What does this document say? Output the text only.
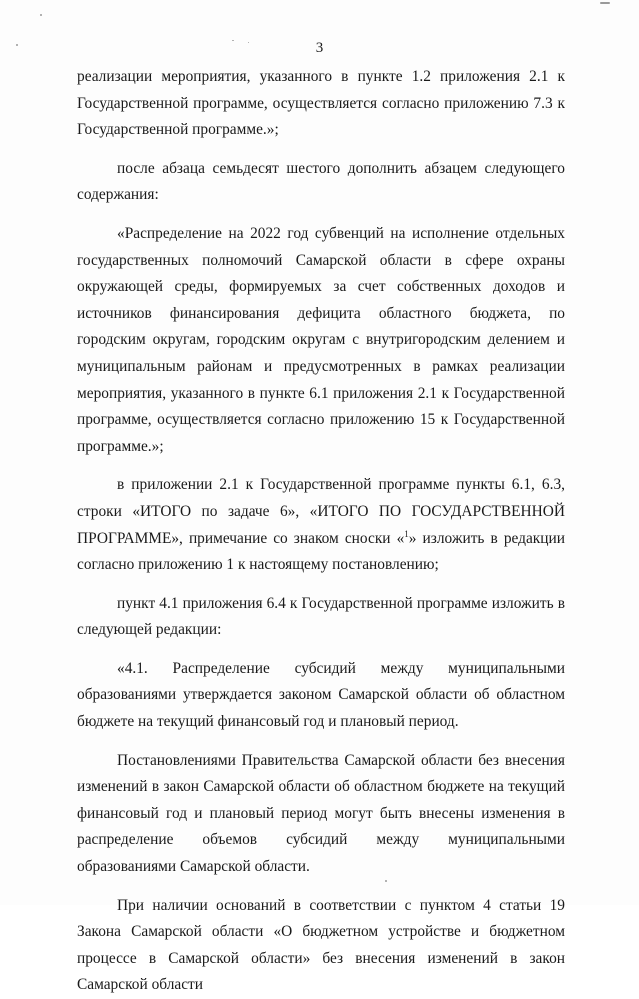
3

реализации мероприятия, указанного в пункте 1.2 приложения 2.1 к Государственной программе, осуществляется согласно приложению 7.3 к Государственной программе.»;

после абзаца семьдесят шестого дополнить абзацем следующего содержания:

«Распределение на 2022 год субвенций на исполнение отдельных государственных полномочий Самарской области в сфере охраны окружающей среды, формируемых за счет собственных доходов и источников финансирования дефицита областного бюджета, по городским округам, городским округам с внутригородским делением и муниципальным районам и предусмотренных в рамках реализации мероприятия, указанного в пункте 6.1 приложения 2.1 к Государственной программе, осуществляется согласно приложению 15 к Государственной программе.»;

в приложении 2.1 к Государственной программе пункты 6.1, 6.3, строки «ИТОГО по задаче 6», «ИТОГО ПО ГОСУДАРСТВЕННОЙ ПРОГРАММЕ», примечание со знаком сноски «$^1$» изложить в редакции согласно приложению 1 к настоящему постановлению;

пункт 4.1 приложения 6.4 к Государственной программе изложить в следующей редакции:

«4.1. Распределение субсидий между муниципальными образованиями утверждается законом Самарской области об областном бюджете на текущий финансовый год и плановый период.

Постановлениями Правительства Самарской области без внесения изменений в закон Самарской области об областном бюджете на текущий финансовый год и плановый период могут быть внесены изменения в распределение объемов субсидий между муниципальными образованиями Самарской области.

При наличии оснований в соответствии с пунктом 4 статьи 19 Закона Самарской области «О бюджетном устройстве и бюджетном процессе в Самарской области» без внесения изменений в закон Самарской области
